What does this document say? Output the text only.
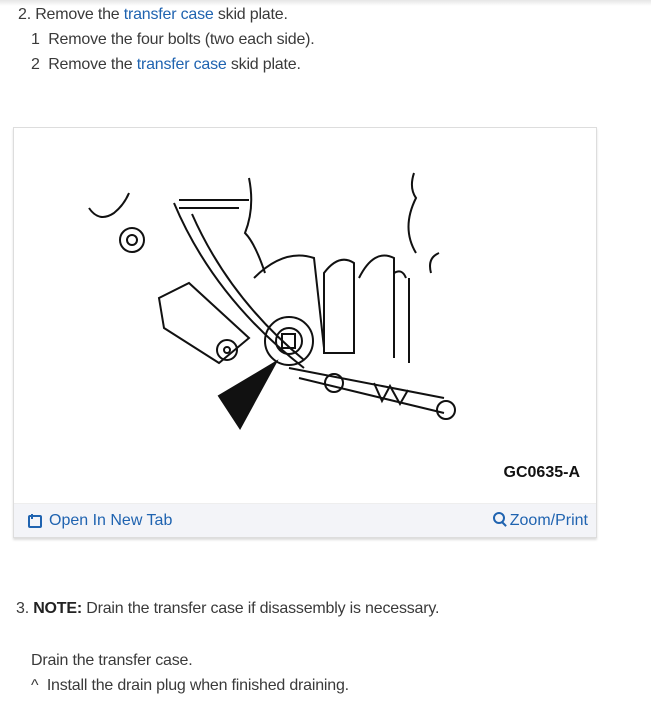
2. Remove the transfer case skid plate.
1 Remove the four bolts (two each side).
2 Remove the transfer case skid plate.
GC0635-A
Open In New Tab	Zoom/Print
3. NOTE: Drain the transfer case if disassembly is necessary.
Drain the transfer case.
^ Install the drain plug when finished draining.
